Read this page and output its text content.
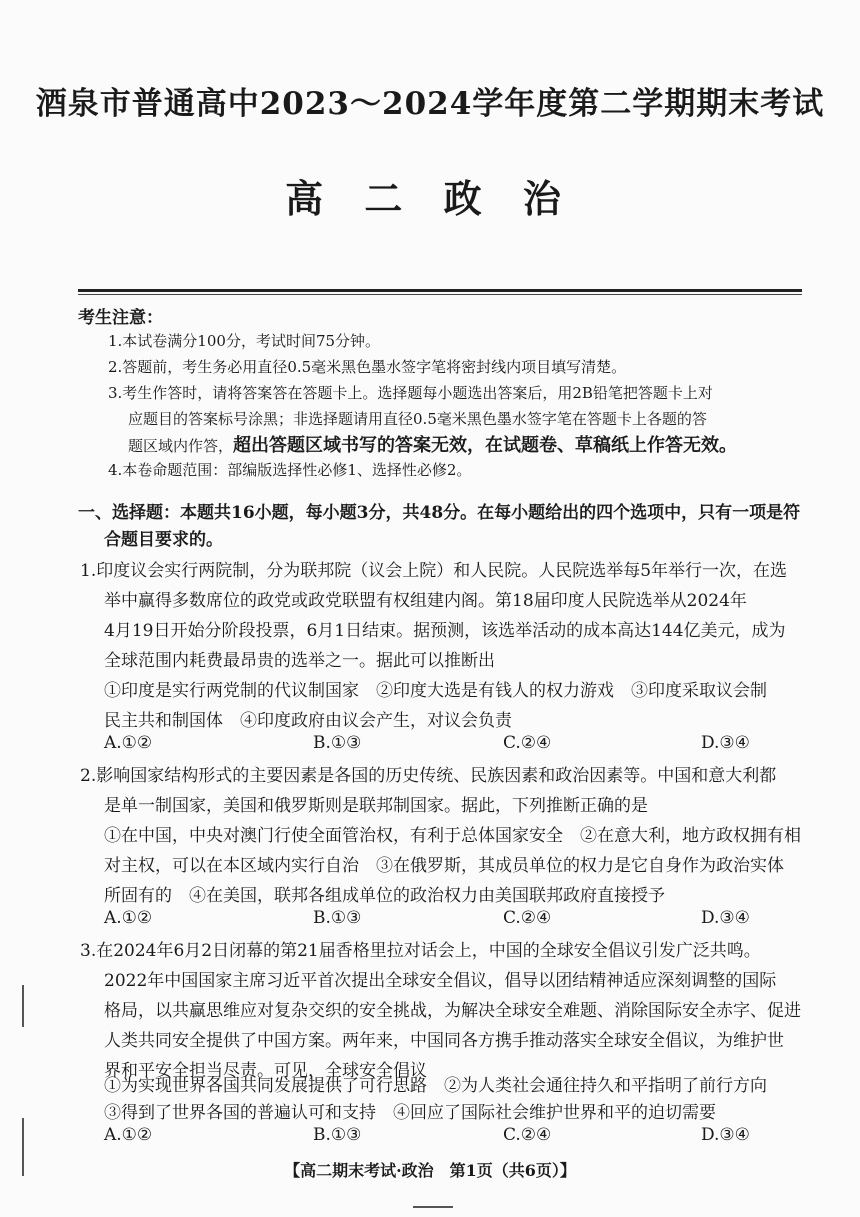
酒泉市普通高中2023～2024学年度第二学期期末考试
高 二 政 治
考生注意：
1.本试卷满分100分，考试时间75分钟。
2.答题前，考生务必用直径0.5毫米黑色墨水签字笔将密封线内项目填写清楚。
3.考生作答时，请将答案答在答题卡上。选择题每小题选出答案后，用2B铅笔把答题卡上对
应题目的答案标号涂黑；非选择题请用直径0.5毫米黑色墨水签字笔在答题卡上各题的答
题区域内作答，超出答题区域书写的答案无效，在试题卷、草稿纸上作答无效。
4.本卷命题范围：部编版选择性必修1、选择性必修2。
一、选择题：本题共16小题，每小题3分，共48分。在每小题给出的四个选项中，只有一项是符
合题目要求的。
1.印度议会实行两院制，分为联邦院（议会上院）和人民院。人民院选举每5年举行一次，在选
举中赢得多数席位的政党或政党联盟有权组建内阁。第18届印度人民院选举从2024年
4月19日开始分阶段投票，6月1日结束。据预测，该选举活动的成本高达144亿美元，成为
全球范围内耗费最昂贵的选举之一。据此可以推断出
①印度是实行两党制的代议制国家　②印度大选是有钱人的权力游戏　③印度采取议会制
民主共和制国体　④印度政府由议会产生，对议会负责
A.①②	B.①③	C.②④	D.③④
2.影响国家结构形式的主要因素是各国的历史传统、民族因素和政治因素等。中国和意大利都
是单一制国家，美国和俄罗斯则是联邦制国家。据此，下列推断正确的是
①在中国，中央对澳门行使全面管治权，有利于总体国家安全　②在意大利，地方政权拥有相
对主权，可以在本区域内实行自治　③在俄罗斯，其成员单位的权力是它自身作为政治实体
所固有的　④在美国，联邦各组成单位的政治权力由美国联邦政府直接授予
A.①②	B.①③	C.②④	D.③④
3.在2024年6月2日闭幕的第21届香格里拉对话会上，中国的全球安全倡议引发广泛共鸣。
2022年中国国家主席习近平首次提出全球安全倡议，倡导以团结精神适应深刻调整的国际
格局，以共赢思维应对复杂交织的安全挑战，为解决全球安全难题、消除国际安全赤字、促进
人类共同安全提供了中国方案。两年来，中国同各方携手推动落实全球安全倡议，为维护世
界和平安全担当尽责。可见，全球安全倡议
①为实现世界各国共同发展提供了可行思路　②为人类社会通往持久和平指明了前行方向
③得到了世界各国的普遍认可和支持　④回应了国际社会维护世界和平的迫切需要
A.①②	B.①③	C.②④	D.③④
【高二期末考试·政治　第1页（共6页）】
